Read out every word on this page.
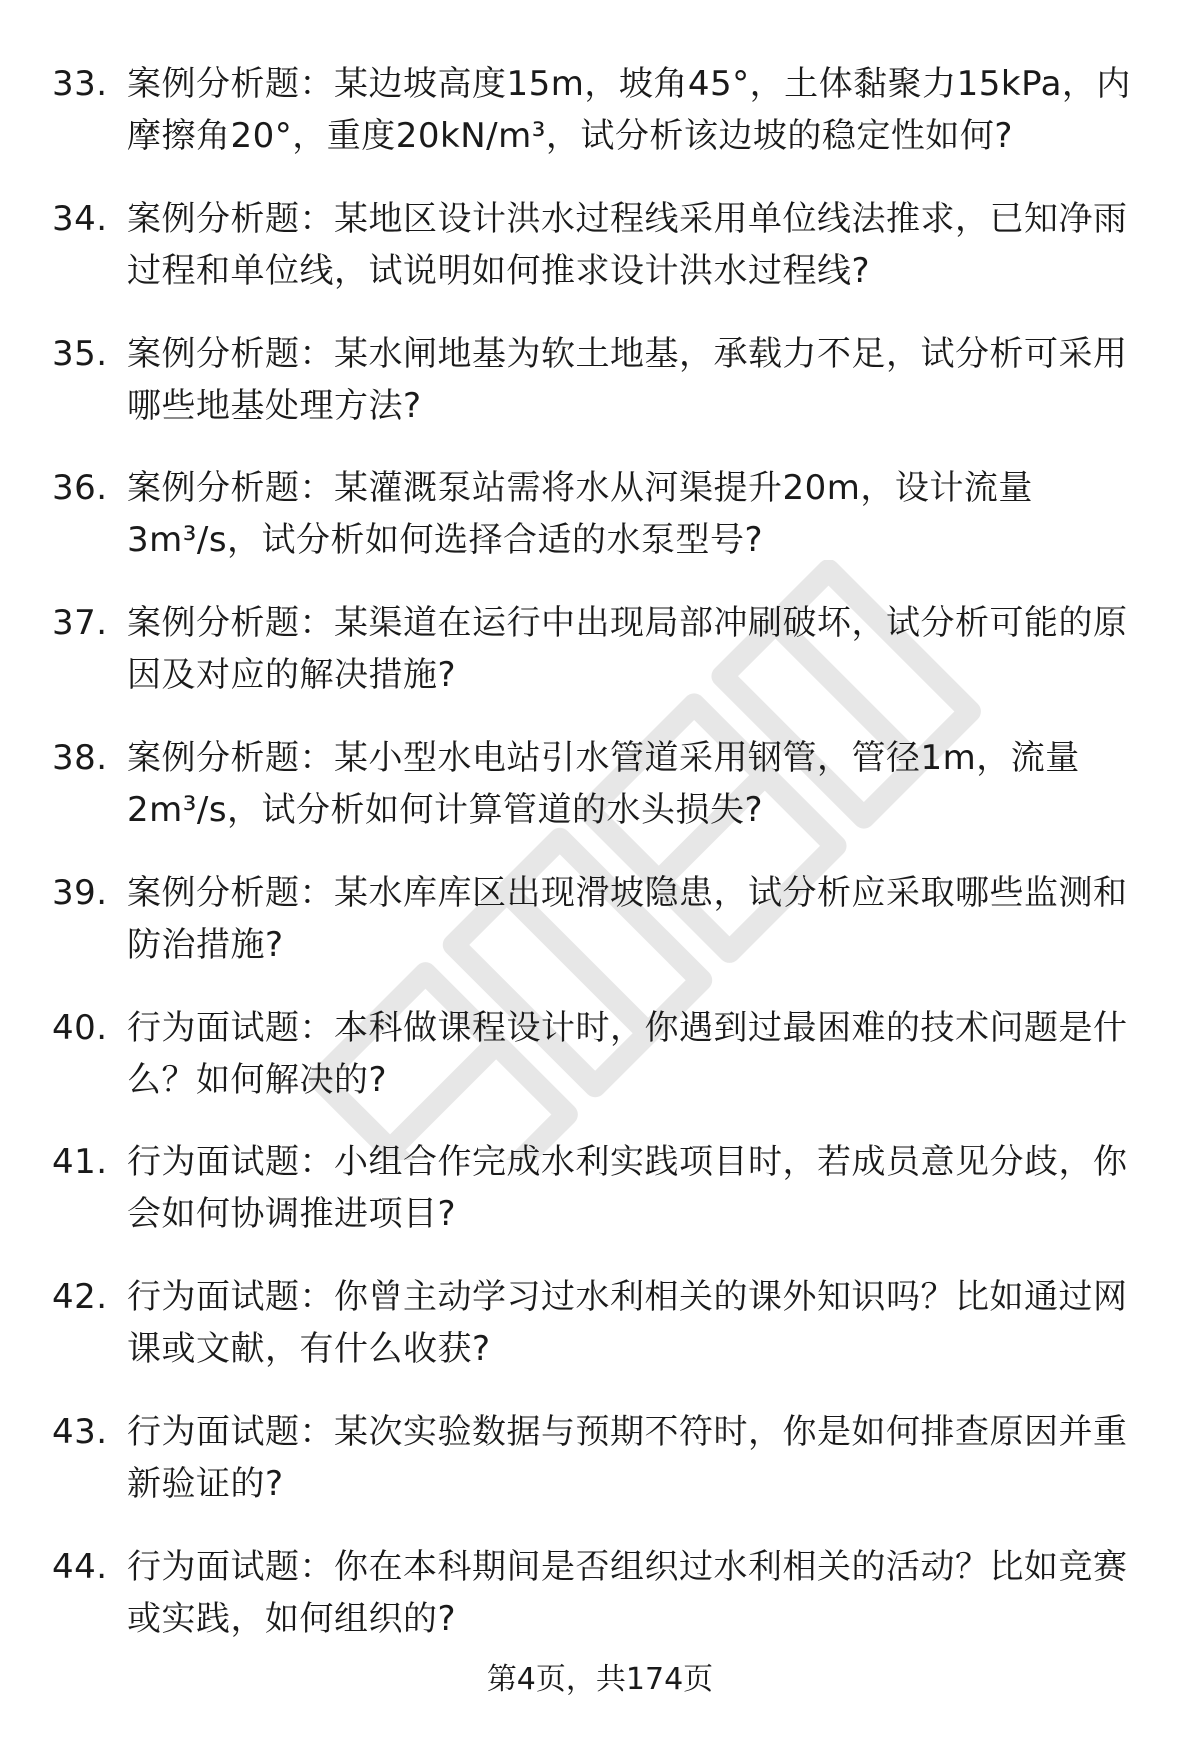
33. 案例分析题：某边坡高度15m，坡角45°，土体黏聚力15kPa，内摩擦角20°，重度20kN/m³，试分析该边坡的稳定性如何?
34. 案例分析题：某地区设计洪水过程线采用单位线法推求，已知净雨过程和单位线，试说明如何推求设计洪水过程线?
35. 案例分析题：某水闸地基为软土地基，承载力不足，试分析可采用哪些地基处理方法?
36. 案例分析题：某灌溉泵站需将水从河渠提升20m，设计流量3m³/s，试分析如何选择合适的水泵型号?
37. 案例分析题：某渠道在运行中出现局部冲刷破坏，试分析可能的原因及对应的解决措施?
38. 案例分析题：某小型水电站引水管道采用钢管，管径1m，流量2m³/s，试分析如何计算管道的水头损失?
39. 案例分析题：某水库库区出现滑坡隐患，试分析应采取哪些监测和防治措施?
40. 行为面试题：本科做课程设计时，你遇到过最困难的技术问题是什么？如何解决的?
41. 行为面试题：小组合作完成水利实践项目时，若成员意见分歧，你会如何协调推进项目?
42. 行为面试题：你曾主动学习过水利相关的课外知识吗？比如通过网课或文献，有什么收获?
43. 行为面试题：某次实验数据与预期不符时，你是如何排查原因并重新验证的?
44. 行为面试题：你在本科期间是否组织过水利相关的活动？比如竞赛或实践，如何组织的?
第4页，共174页
